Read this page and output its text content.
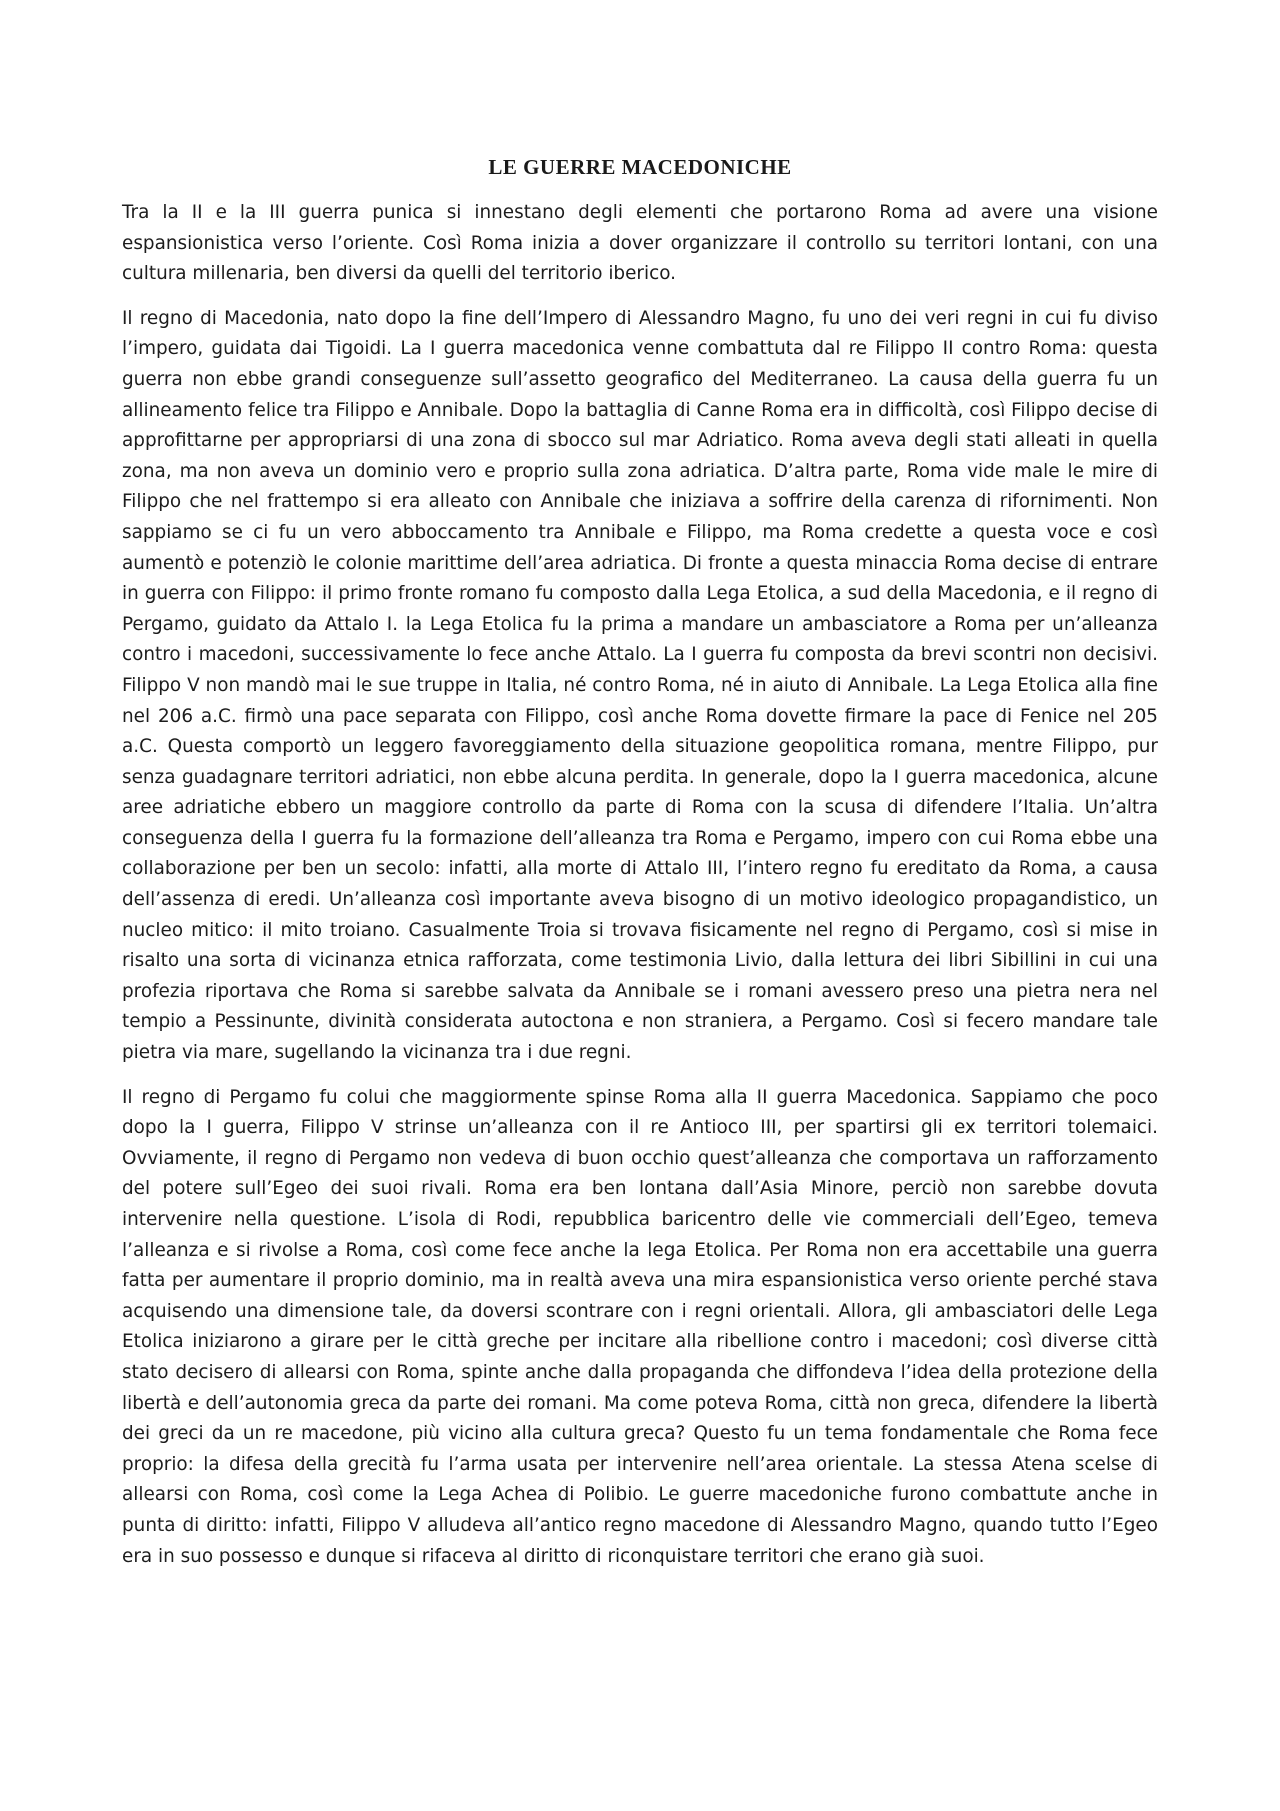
LE GUERRE MACEDONICHE

Tra la II e la III guerra punica si innestano degli elementi che portarono Roma ad avere una visione espansionistica verso l’oriente. Così Roma inizia a dover organizzare il controllo su territori lontani, con una cultura millenaria, ben diversi da quelli del territorio iberico.

Il regno di Macedonia, nato dopo la fine dell’Impero di Alessandro Magno, fu uno dei veri regni in cui fu diviso l’impero, guidata dai Tigoidi. La I guerra macedonica venne combattuta dal re Filippo II contro Roma: questa guerra non ebbe grandi conseguenze sull’assetto geografico del Mediterraneo. La causa della guerra fu un allineamento felice tra Filippo e Annibale. Dopo la battaglia di Canne Roma era in difficoltà, così Filippo decise di approfittarne per appropriarsi di una zona di sbocco sul mar Adriatico. Roma aveva degli stati alleati in quella zona, ma non aveva un dominio vero e proprio sulla zona adriatica. D’altra parte, Roma vide male le mire di Filippo che nel frattempo si era alleato con Annibale che iniziava a soffrire della carenza di rifornimenti. Non sappiamo se ci fu un vero abboccamento tra Annibale e Filippo, ma Roma credette a questa voce e così aumentò e potenziò le colonie marittime dell’area adriatica. Di fronte a questa minaccia Roma decise di entrare in guerra con Filippo: il primo fronte romano fu composto dalla Lega Etolica, a sud della Macedonia, e il regno di Pergamo, guidato da Attalo I. la Lega Etolica fu la prima a mandare un ambasciatore a Roma per un’alleanza contro i macedoni, successivamente lo fece anche Attalo. La I guerra fu composta da brevi scontri non decisivi. Filippo V non mandò mai le sue truppe in Italia, né contro Roma, né in aiuto di Annibale. La Lega Etolica alla fine nel 206 a.C. firmò una pace separata con Filippo, così anche Roma dovette firmare la pace di Fenice nel 205 a.C. Questa comportò un leggero favoreggiamento della situazione geopolitica romana, mentre Filippo, pur senza guadagnare territori adriatici, non ebbe alcuna perdita. In generale, dopo la I guerra macedonica, alcune aree adriatiche ebbero un maggiore controllo da parte di Roma con la scusa di difendere l’Italia. Un’altra conseguenza della I guerra fu la formazione dell’alleanza tra Roma e Pergamo, impero con cui Roma ebbe una collaborazione per ben un secolo: infatti, alla morte di Attalo III, l’intero regno fu ereditato da Roma, a causa dell’assenza di eredi. Un’alleanza così importante aveva bisogno di un motivo ideologico propagandistico, un nucleo mitico: il mito troiano. Casualmente Troia si trovava fisicamente nel regno di Pergamo, così si mise in risalto una sorta di vicinanza etnica rafforzata, come testimonia Livio, dalla lettura dei libri Sibillini in cui una profezia riportava che Roma si sarebbe salvata da Annibale se i romani avessero preso una pietra nera nel tempio a Pessinunte, divinità considerata autoctona e non straniera, a Pergamo. Così si fecero mandare tale pietra via mare, sugellando la vicinanza tra i due regni.

Il regno di Pergamo fu colui che maggiormente spinse Roma alla II guerra Macedonica. Sappiamo che poco dopo la I guerra, Filippo V strinse un’alleanza con il re Antioco III, per spartirsi gli ex territori tolemaici. Ovviamente, il regno di Pergamo non vedeva di buon occhio quest’alleanza che comportava un rafforzamento del potere sull’Egeo dei suoi rivali. Roma era ben lontana dall’Asia Minore, perciò non sarebbe dovuta intervenire nella questione. L’isola di Rodi, repubblica baricentro delle vie commerciali dell’Egeo, temeva l’alleanza e si rivolse a Roma, così come fece anche la lega Etolica. Per Roma non era accettabile una guerra fatta per aumentare il proprio dominio, ma in realtà aveva una mira espansionistica verso oriente perché stava acquisendo una dimensione tale, da doversi scontrare con i regni orientali. Allora, gli ambasciatori delle Lega Etolica iniziarono a girare per le città greche per incitare alla ribellione contro i macedoni; così diverse città stato decisero di allearsi con Roma, spinte anche dalla propaganda che diffondeva l’idea della protezione della libertà e dell’autonomia greca da parte dei romani. Ma come poteva Roma, città non greca, difendere la libertà dei greci da un re macedone, più vicino alla cultura greca? Questo fu un tema fondamentale che Roma fece proprio: la difesa della grecità fu l’arma usata per intervenire nell’area orientale. La stessa Atena scelse di allearsi con Roma, così come la Lega Achea di Polibio. Le guerre macedoniche furono combattute anche in punta di diritto: infatti, Filippo V alludeva all’antico regno macedone di Alessandro Magno, quando tutto l’Egeo era in suo possesso e dunque si rifaceva al diritto di riconquistare territori che erano già suoi.
